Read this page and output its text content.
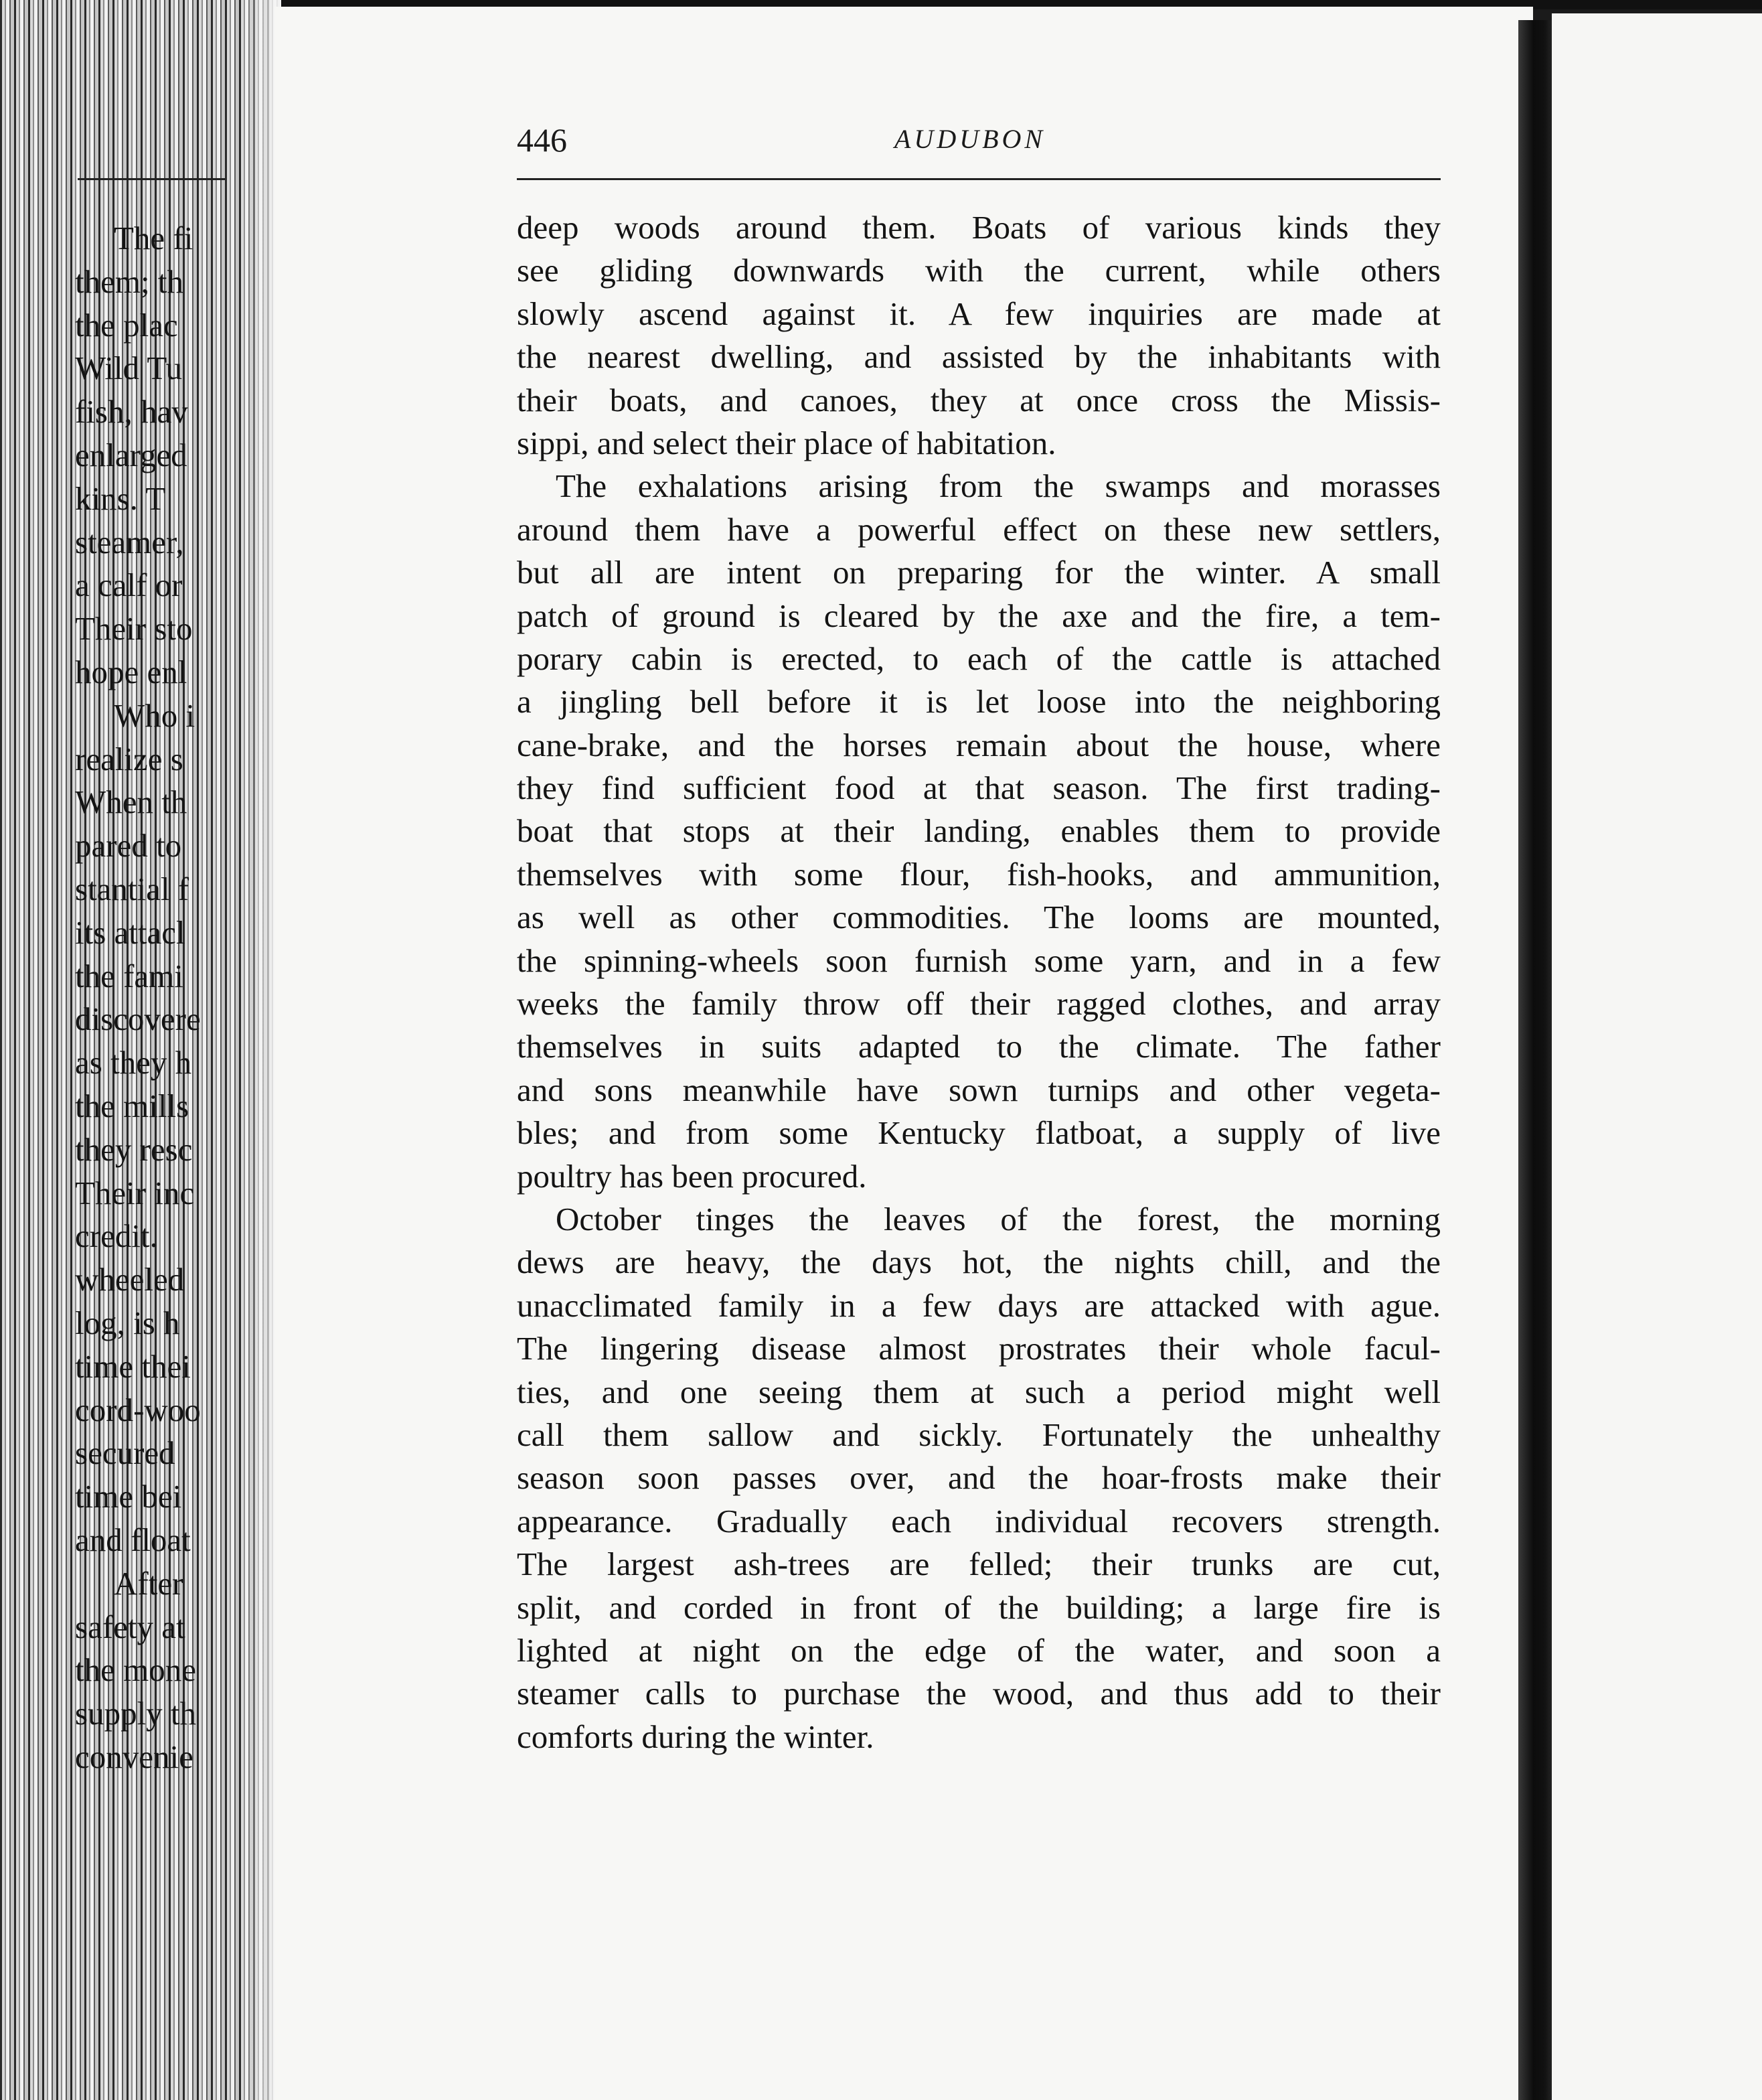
446	AUDUBON
deep woods around them. Boats of various kinds they
see gliding downwards with the current, while others
slowly ascend against it. A few inquiries are made at
the nearest dwelling, and assisted by the inhabitants with
their boats, and canoes, they at once cross the Missis-
sippi, and select their place of habitation.
The exhalations arising from the swamps and morasses
around them have a powerful effect on these new settlers,
but all are intent on preparing for the winter. A small
patch of ground is cleared by the axe and the fire, a tem-
porary cabin is erected, to each of the cattle is attached
a jingling bell before it is let loose into the neighboring
cane-brake, and the horses remain about the house, where
they find sufficient food at that season. The first trading-
boat that stops at their landing, enables them to provide
themselves with some flour, fish-hooks, and ammunition,
as well as other commodities. The looms are mounted,
the spinning-wheels soon furnish some yarn, and in a few
weeks the family throw off their ragged clothes, and array
themselves in suits adapted to the climate. The father
and sons meanwhile have sown turnips and other vegeta-
bles; and from some Kentucky flatboat, a supply of live
poultry has been procured.
October tinges the leaves of the forest, the morning
dews are heavy, the days hot, the nights chill, and the
unacclimated family in a few days are attacked with ague.
The lingering disease almost prostrates their whole facul-
ties, and one seeing them at such a period might well
call them sallow and sickly. Fortunately the unhealthy
season soon passes over, and the hoar-frosts make their
appearance. Gradually each individual recovers strength.
The largest ash-trees are felled; their trunks are cut,
split, and corded in front of the building; a large fire is
lighted at night on the edge of the water, and soon a
steamer calls to purchase the wood, and thus add to their
comforts during the winter.
The fi
them; th
the plac
Wild Tu
fish, hav
enlarged
kins. T
steamer,
a calf or
Their sto
hope enl
Who i
realize s
When th
pared to
stantial f
its attacl
the fami
discovere
as they h
the mills
they resc
Their inc
credit.
wheeled
log, is h
time thei
cord-woo
secured
time bei
and float
After
safety at
the mone
supply th
convenie
